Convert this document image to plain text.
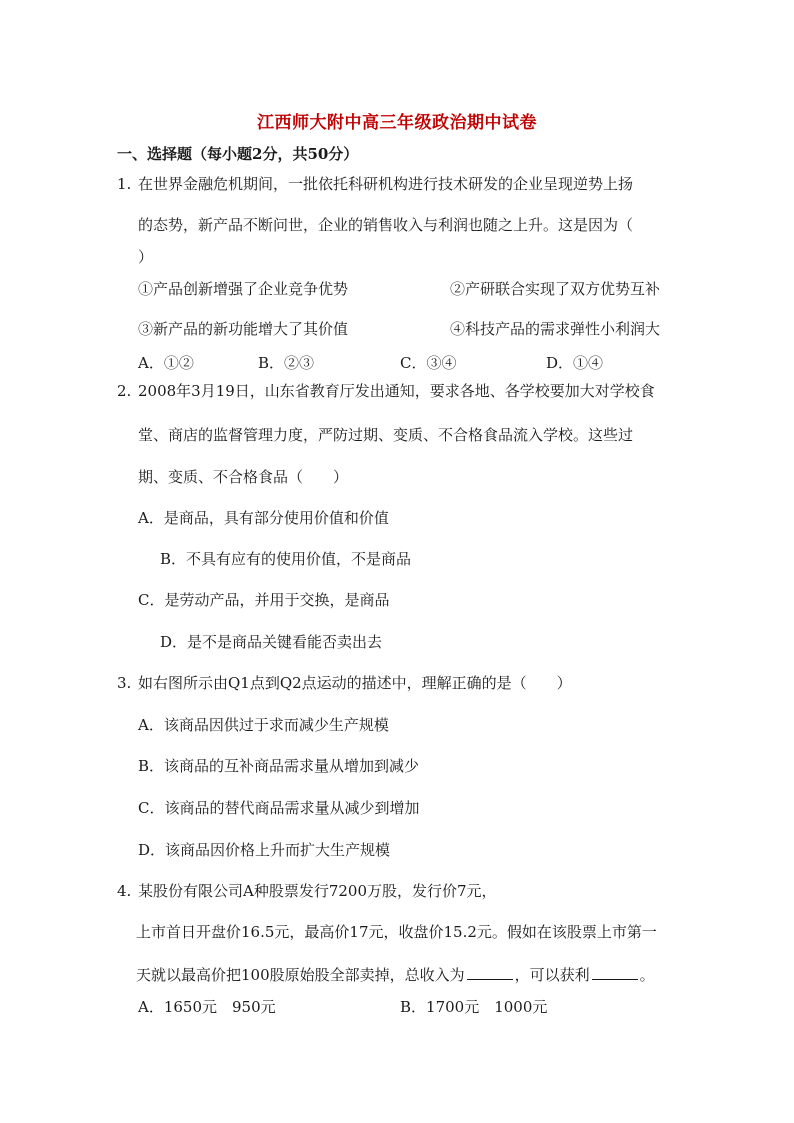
江西师大附中高三年级政治期中试卷
一、选择题（每小题2分，共50分）
1. 在世界金融危机期间，一批依托科研机构进行技术研发的企业呈现逆势上扬
的态势，新产品不断问世，企业的销售收入与利润也随之上升。这是因为（
）
①产品创新增强了企业竞争优势	②产研联合实现了双方优势互补
③新产品的新功能增大了其价值	④科技产品的需求弹性小利润大
A．①②	B．②③	C．③④	D．①④
2. 2008年3月19日，山东省教育厅发出通知，要求各地、各学校要加大对学校食
堂、商店的监督管理力度，严防过期、变质、不合格食品流入学校。这些过
期、变质、不合格食品（　　）
A．是商品，具有部分使用价值和价值
B．不具有应有的使用价值，不是商品
C．是劳动产品，并用于交换，是商品
D．是不是商品关键看能否卖出去
3. 如右图所示由Q1点到Q2点运动的描述中，理解正确的是（　　）
A．该商品因供过于求而减少生产规模
B．该商品的互补商品需求量从增加到减少
C．该商品的替代商品需求量从减少到增加
D．该商品因价格上升而扩大生产规模
4. 某股份有限公司A种股票发行7200万股，发行价7元，
上市首日开盘价16.5元，最高价17元，收盘价15.2元。假如在该股票上市第一
天就以最高价把100股原始股全部卖掉，总收入为	，可以获利	。
A．1650元　950元	B．1700元　1000元
